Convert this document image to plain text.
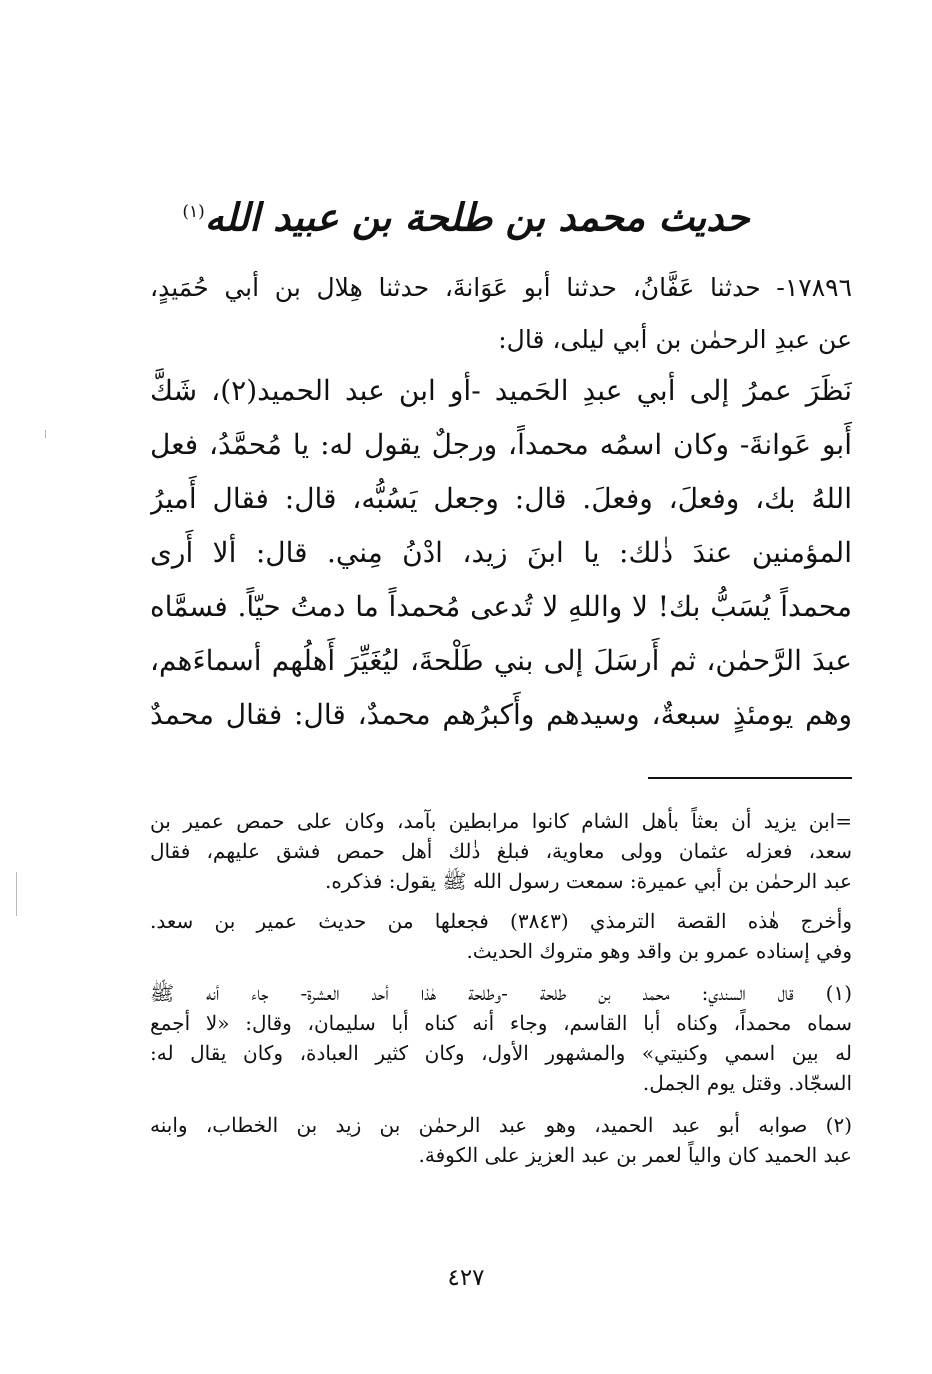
حديث محمد بن طلحة بن عبيد الله$^{(١)}$
١٧٨٩٦- حدثنا عَفَّانُ، حدثنا أبو عَوَانةَ، حدثنا هِلال بن أبي حُمَيدٍ،
عن عبدِ الرحمٰن بن أبي ليلى، قال:
نَظَرَ عمرُ إلى أبي عبدِ الحَميد -أو ابن عبد الحميد(٢)، شَكَّ
أَبو عَوانةَ- وكان اسمُه محمداً، ورجلٌ يقول له: يا مُحمَّدُ، فعل
اللهُ بك، وفعلَ، وفعلَ. قال: وجعل يَسُبُّه، قال: فقال أَميرُ
المؤمنين عندَ ذٰلك: يا ابنَ زيد، ادْنُ مِني. قال: ألا أَرى
محمداً يُسَبُّ بك! لا واللهِ لا تُدعى مُحمداً ما دمتُ حيّاً. فسمَّاه
عبدَ الرَّحمٰن، ثم أَرسَلَ إلى بني طَلْحةَ، ليُغَيِّرَ أَهلُهم أسماءَهم،
وهم يومئذٍ سبعةٌ، وسيدهم وأَكبرُهم محمدٌ، قال: فقال محمدٌ
=ابن يزيد أن بعثاً بأهل الشام كانوا مرابطين بآمد، وكان على حمص عمير بن
سعد، فعزله عثمان وولى معاوية، فبلغ ذٰلك أهل حمص فشق عليهم، فقال
عبد الرحمٰن بن أبي عميرة: سمعت رسول الله ﷺ يقول: فذكره.
وأخرج هٰذه القصة الترمذي (٣٨٤٣) فجعلها من حديث عمير بن سعد.
وفي إسناده عمرو بن واقد وهو متروك الحديث.
(١) قال السندي: محمد بن طلحة -وطلحة هٰذا أحد العشرة- جاء أنه ﷺ
سماه محمداً، وكناه أبا القاسم، وجاء أنه كناه أبا سليمان، وقال: «لا أجمع
له بين اسمي وكنيتي» والمشهور الأول، وكان كثير العبادة، وكان يقال له:
السجّاد. وقتل يوم الجمل.
(٢) صوابه أبو عبد الحميد، وهو عبد الرحمٰن بن زيد بن الخطاب، وابنه
عبد الحميد كان والياً لعمر بن عبد العزيز على الكوفة.
٤٢٧
